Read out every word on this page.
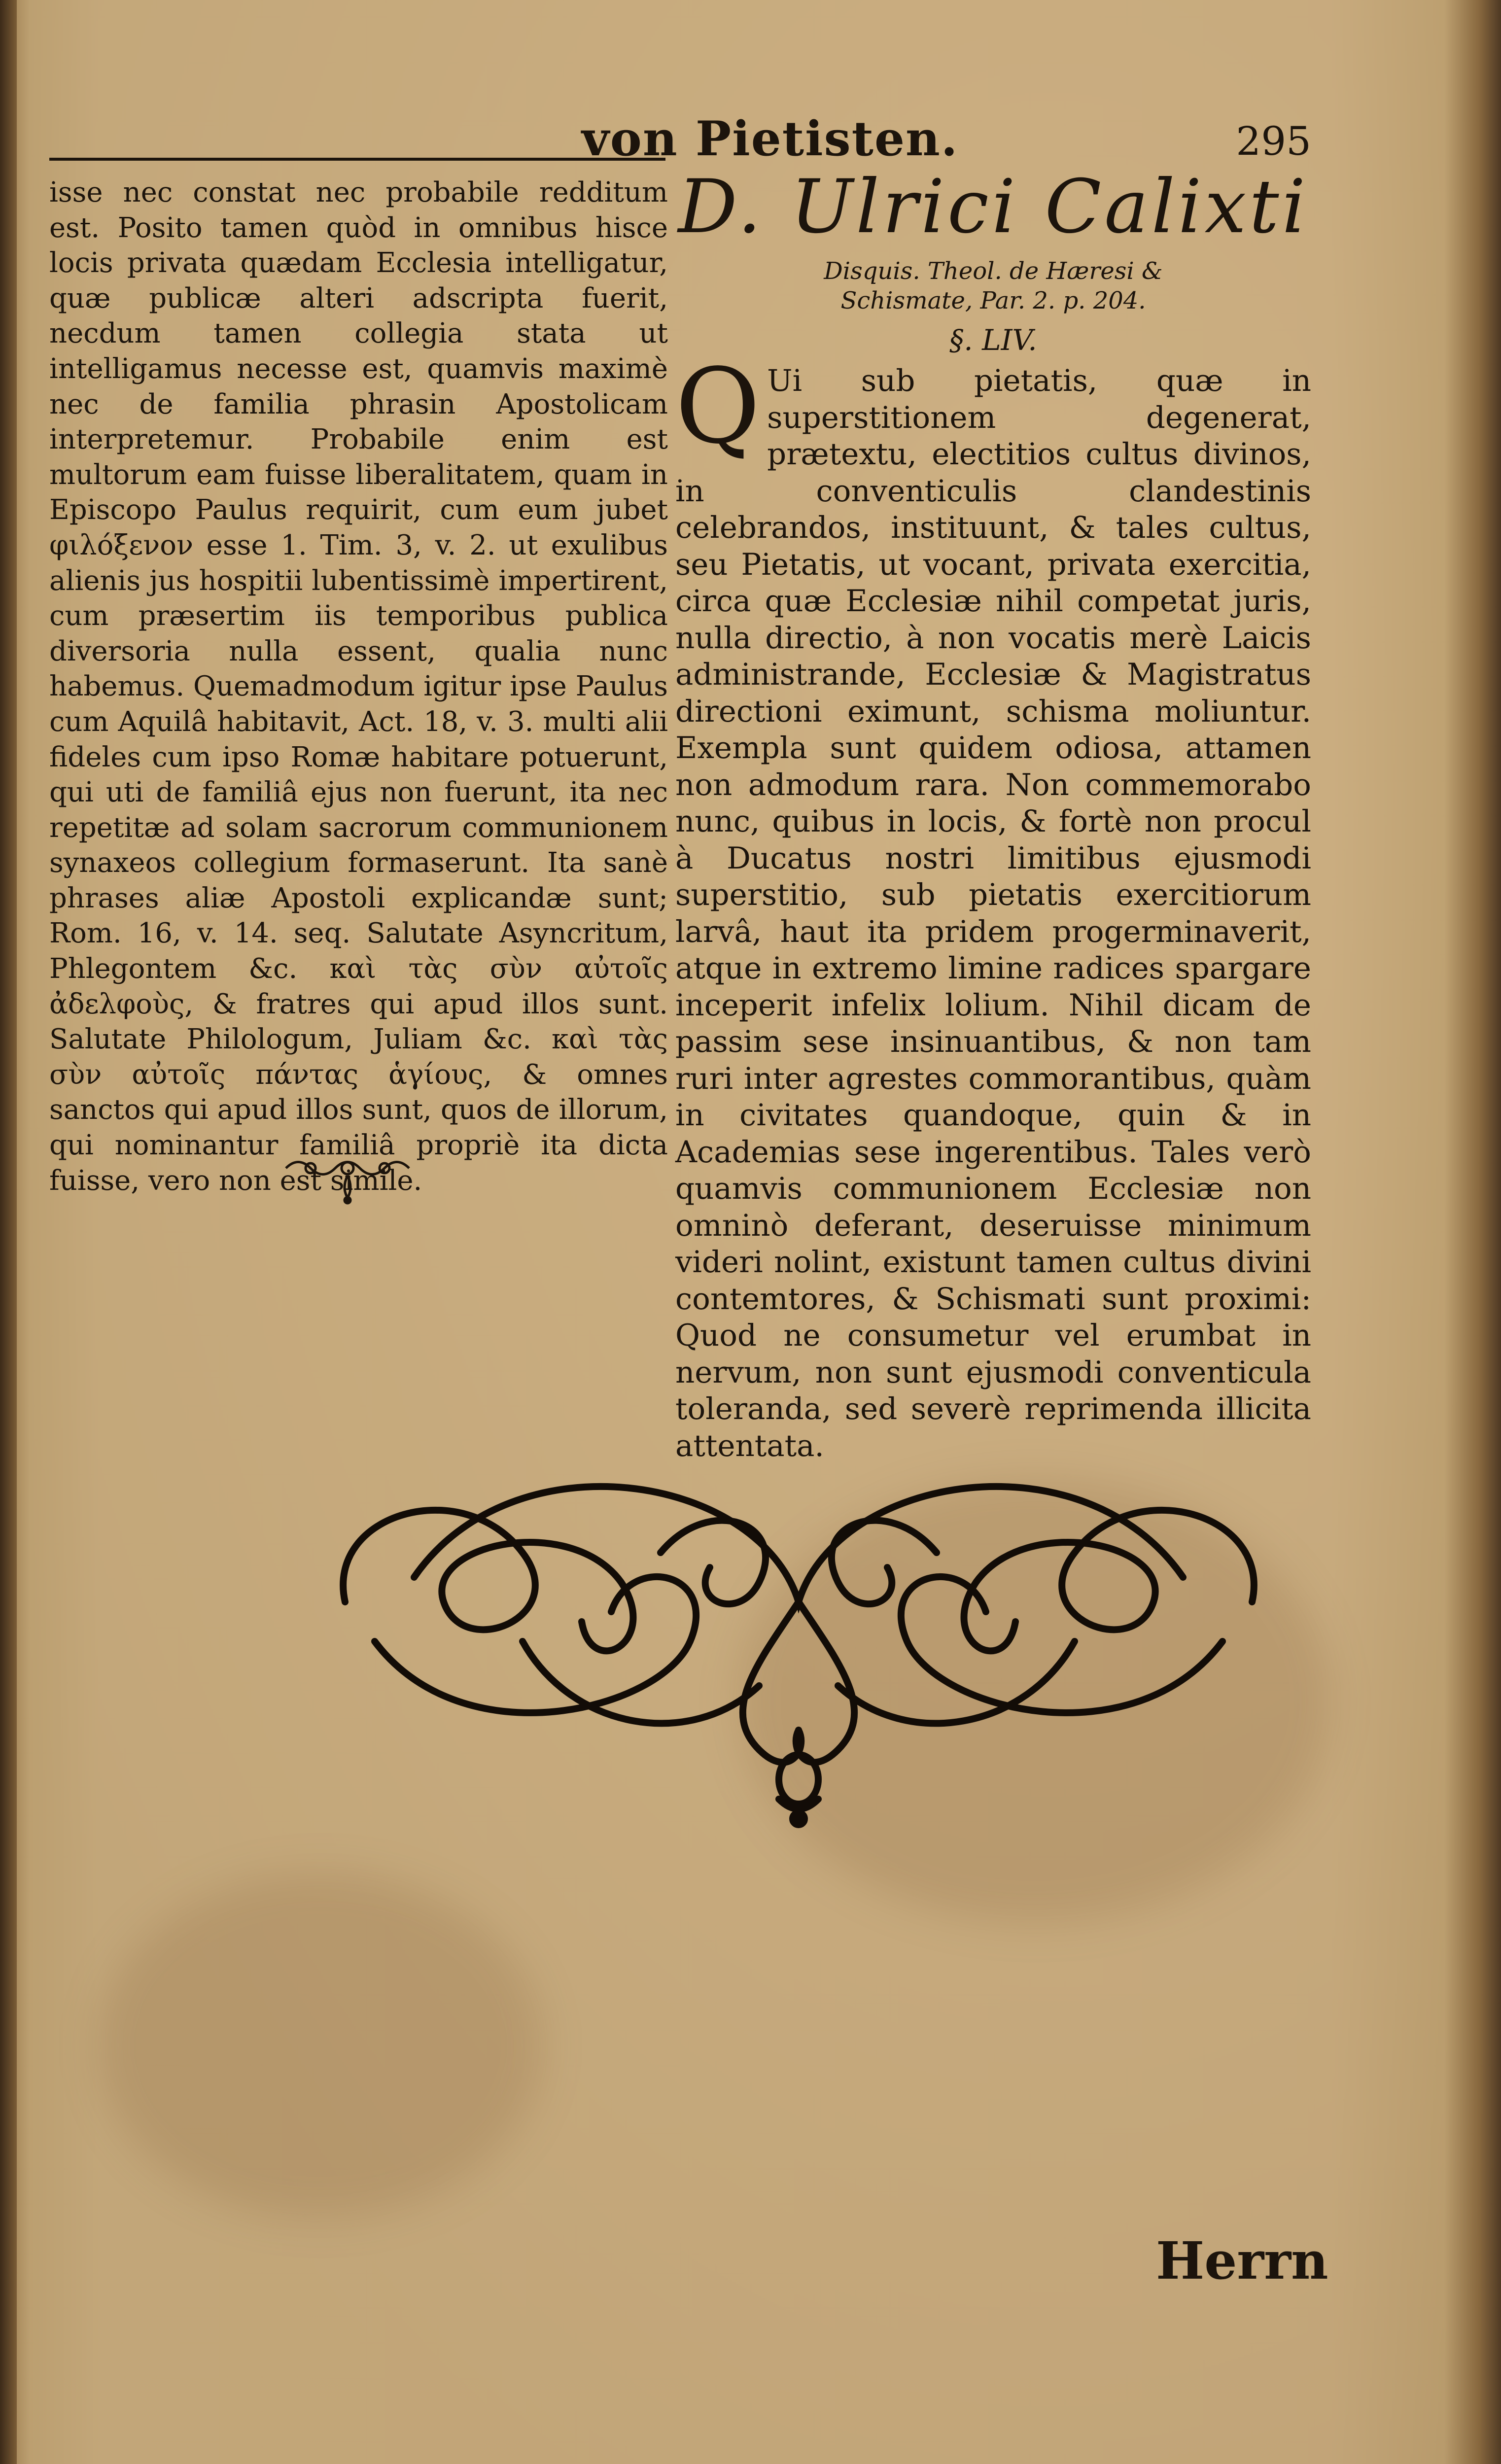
von Pietisten.	295

isse nec constat nec probabile redditum est. Posito tamen quòd in omnibus hisce locis privata quædam Ecclesia intelligatur, quæ publicæ alteri adscripta fuerit, necdum tamen collegia stata ut intelligamus necesse est, quamvis maximè nec de familia phrasin Apostolicam interpretemur. Probabile enim est multorum eam fuisse liberalitatem, quam in Episcopo Paulus requirit, cum eum jubet φιλόξενον esse 1. Tim. 3, v. 2. ut exulibus alienis jus hospitii lubentissimè impertirent, cum præsertim iis temporibus publica diversoria nulla essent, qualia nunc habemus. Quemadmodum igitur ipse Paulus cum Aquilâ habitavit, Act. 18, v. 3. multi alii fideles cum ipso Romæ habitare potuerunt, qui uti de familiâ ejus non fuerunt, ita nec repetitæ ad solam sacrorum communionem synaxeos collegium formaserunt. Ita sanè phrases aliæ Apostoli explicandæ sunt; Rom. 16, v. 14. seq. Salutate Asyncritum, Phlegontem &c. καὶ τὰς σὺν αὐτοῖς ἀδελφοὺς, & fratres qui apud illos sunt. Salutate Philologum, Juliam &c. καὶ τὰς σὺν αὐτοῖς πάντας ἁγίους, & omnes sanctos qui apud illos sunt, quos de illorum, qui nominantur familiâ propriè ita dicta fuisse, vero non est simile.

D. Ulrici Calixti
Disquis. Theol. de Hæresi &
Schismate, Par. 2. p. 204.
§. LIV.
Q Ui sub pietatis, quæ in superstitionem degenerat, prætextu, electitios cultus divinos, in conventiculis clandestinis celebrandos, instituunt, & tales cultus, seu Pietatis, ut vocant, privata exercitia, circa quæ Ecclesiæ nihil competat juris, nulla directio, à non vocatis merè Laicis administrande, Ecclesiæ & Magistratus directioni eximunt, schisma moliuntur. Exempla sunt quidem odiosa, attamen non admodum rara. Non commemorabo nunc, quibus in locis, & fortè non procul à Ducatus nostri limitibus ejusmodi superstitio, sub pietatis exercitiorum larvâ, haut ita pridem progerminaverit, atque in extremo limine radices spargare inceperit infelix lolium. Nihil dicam de passim sese insinuantibus, & non tam ruri inter agrestes commorantibus, quàm in civitates quandoque, quin & in Academias sese ingerentibus. Tales verò quamvis communionem Ecclesiæ non omninò deferant, deseruisse minimum videri nolint, existunt tamen cultus divini contemtores, & Schismati sunt proximi: Quod ne consumetur vel erumbat in nervum, non sunt ejusmodi conventicula toleranda, sed severè reprimenda illicita attentata.
Herrn
